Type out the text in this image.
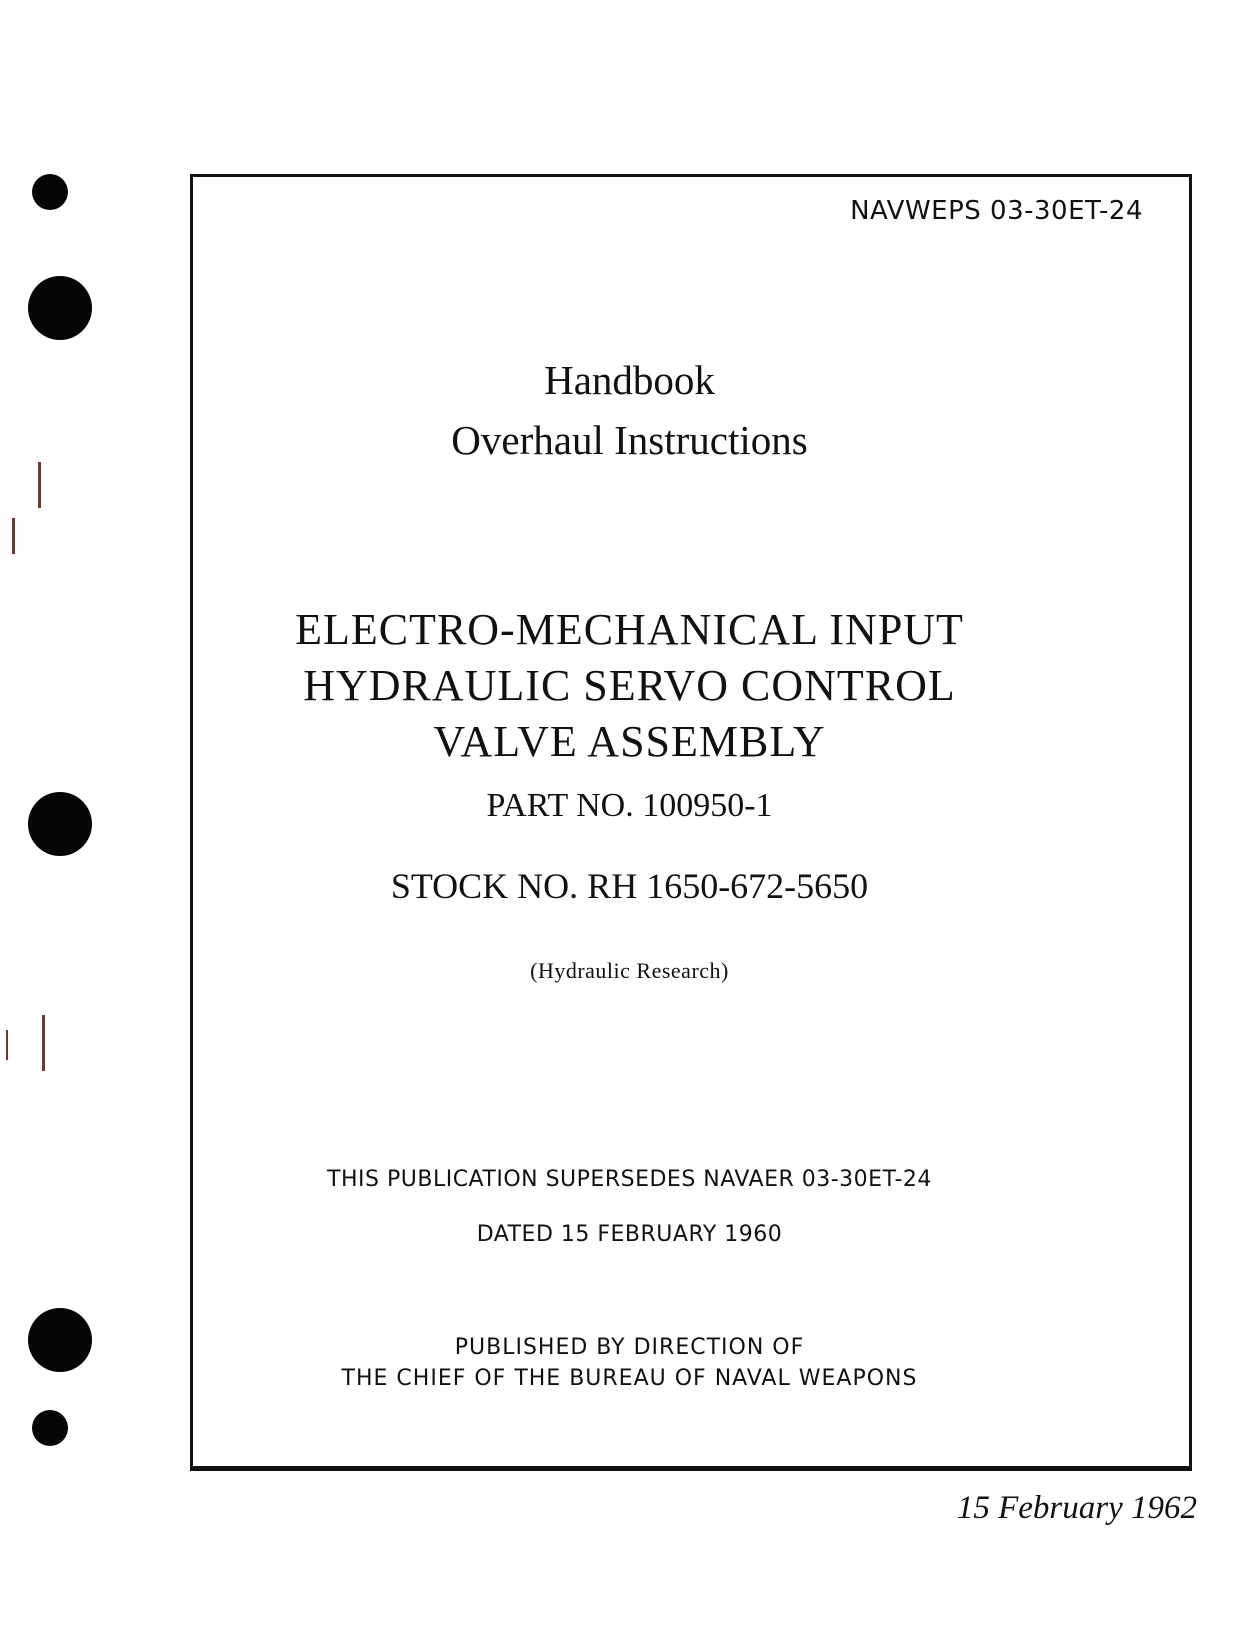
NAVWEPS 03-30ET-24
Handbook
Overhaul Instructions
ELECTRO-MECHANICAL INPUT
HYDRAULIC SERVO CONTROL
VALVE ASSEMBLY
PART NO. 100950-1
STOCK NO. RH 1650-672-5650
(Hydraulic Research)
THIS PUBLICATION SUPERSEDES NAVAER 03-30ET-24
DATED 15 FEBRUARY 1960
PUBLISHED BY DIRECTION OF
THE CHIEF OF THE BUREAU OF NAVAL WEAPONS
15 February 1962
